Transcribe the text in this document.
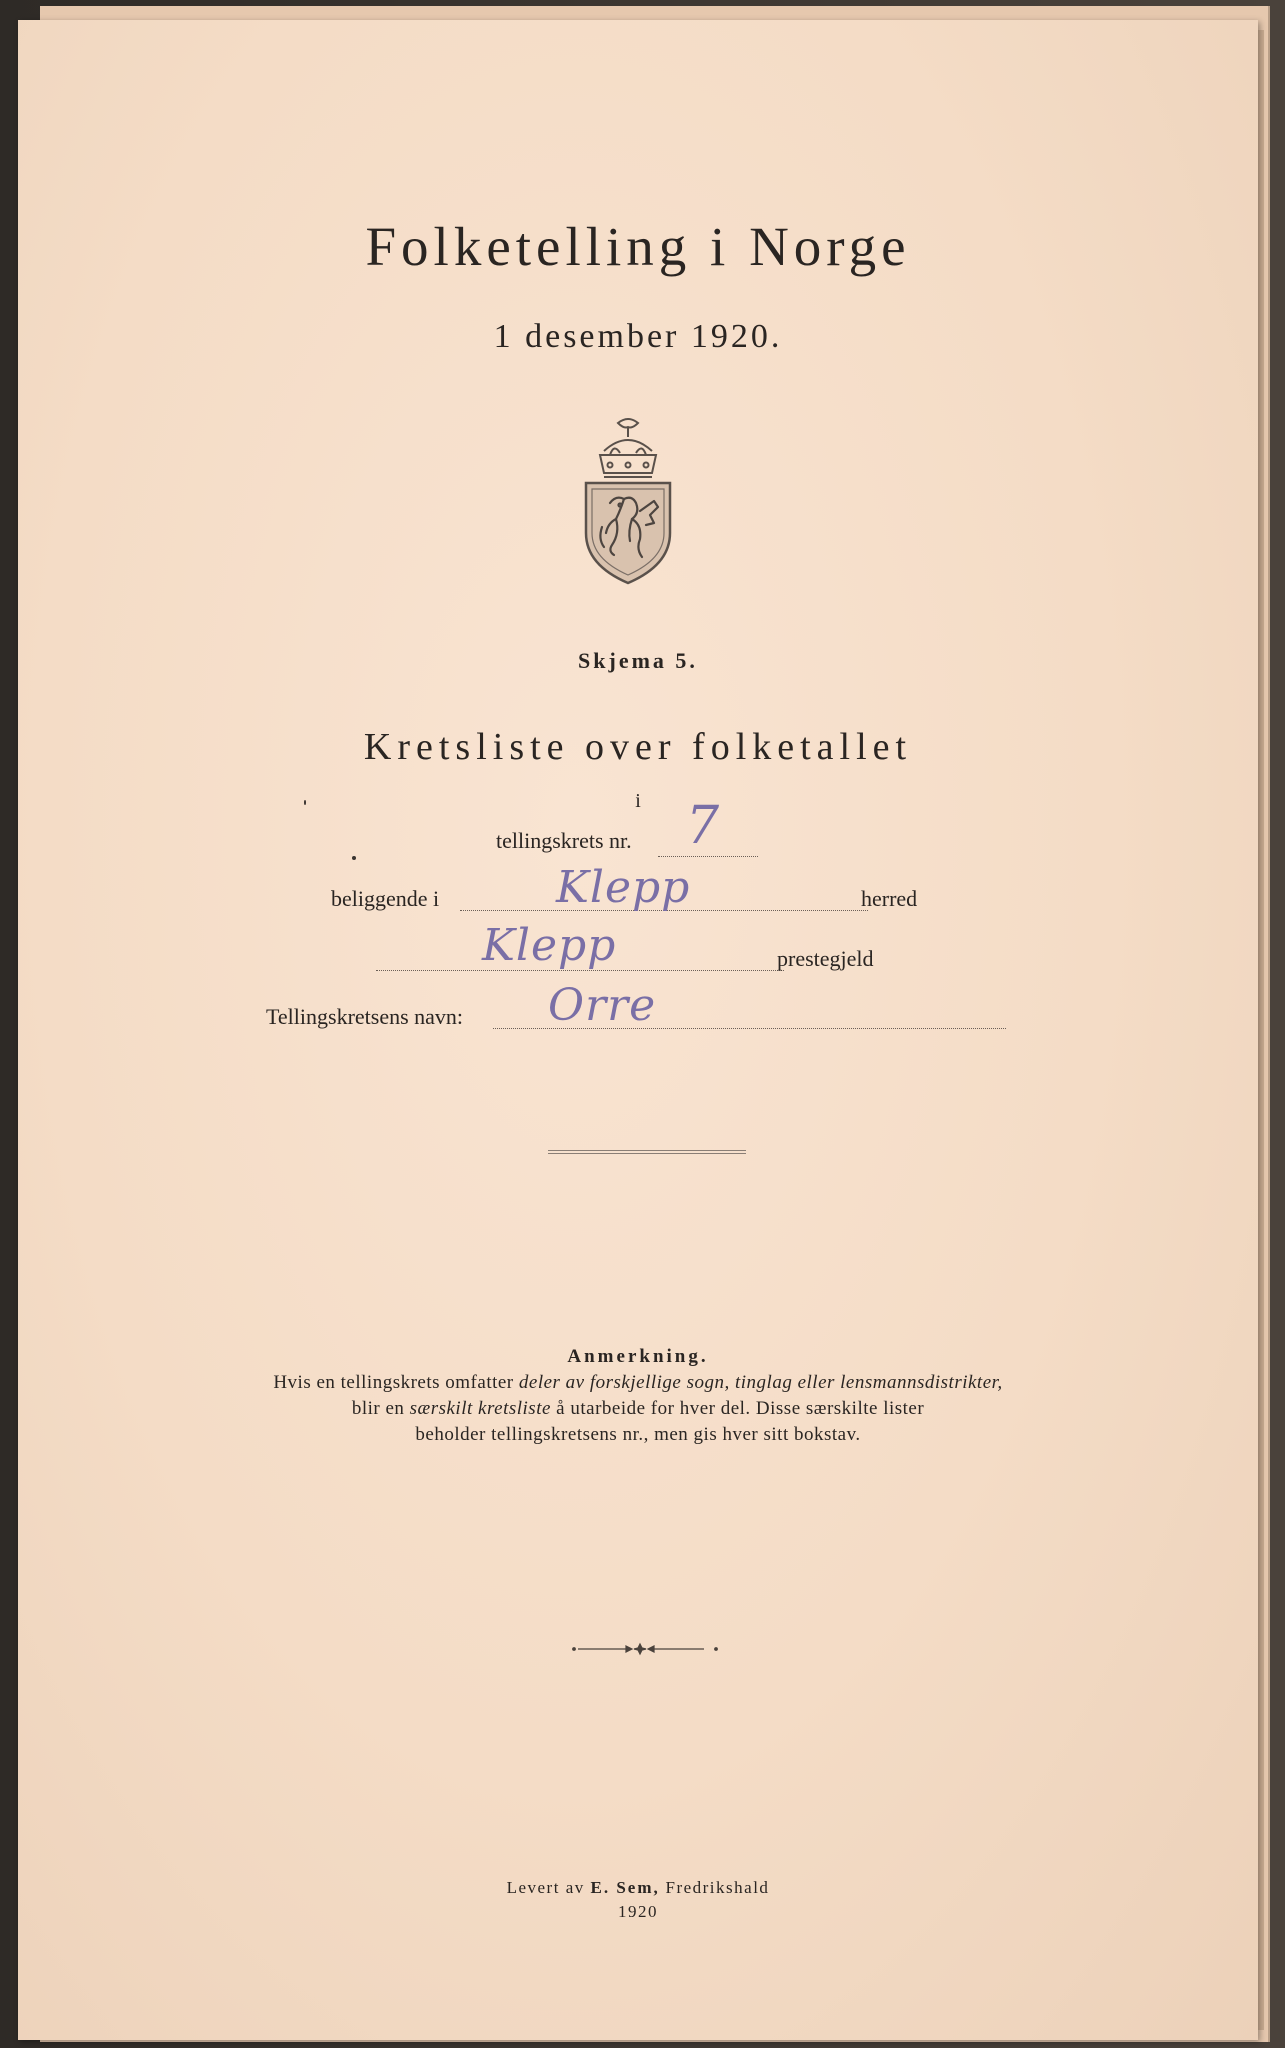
Folketelling i Norge
1 desember 1920.
Skjema 5.
Kretsliste over folketallet
i
tellingskrets nr. 7
beliggende i	Klepp	herred
Klepp	prestegjeld
Tellingskretsens navn: Orre
Anmerkning.
Hvis en tellingskrets omfatter deler av forskjellige sogn, tinglag eller lensmannsdistrikter,
blir en særskilt kretsliste å utarbeide for hver del. Disse særskilte lister
beholder tellingskretsens nr., men gis hver sitt bokstav.
Levert av E. Sem, Fredrikshald
1920
